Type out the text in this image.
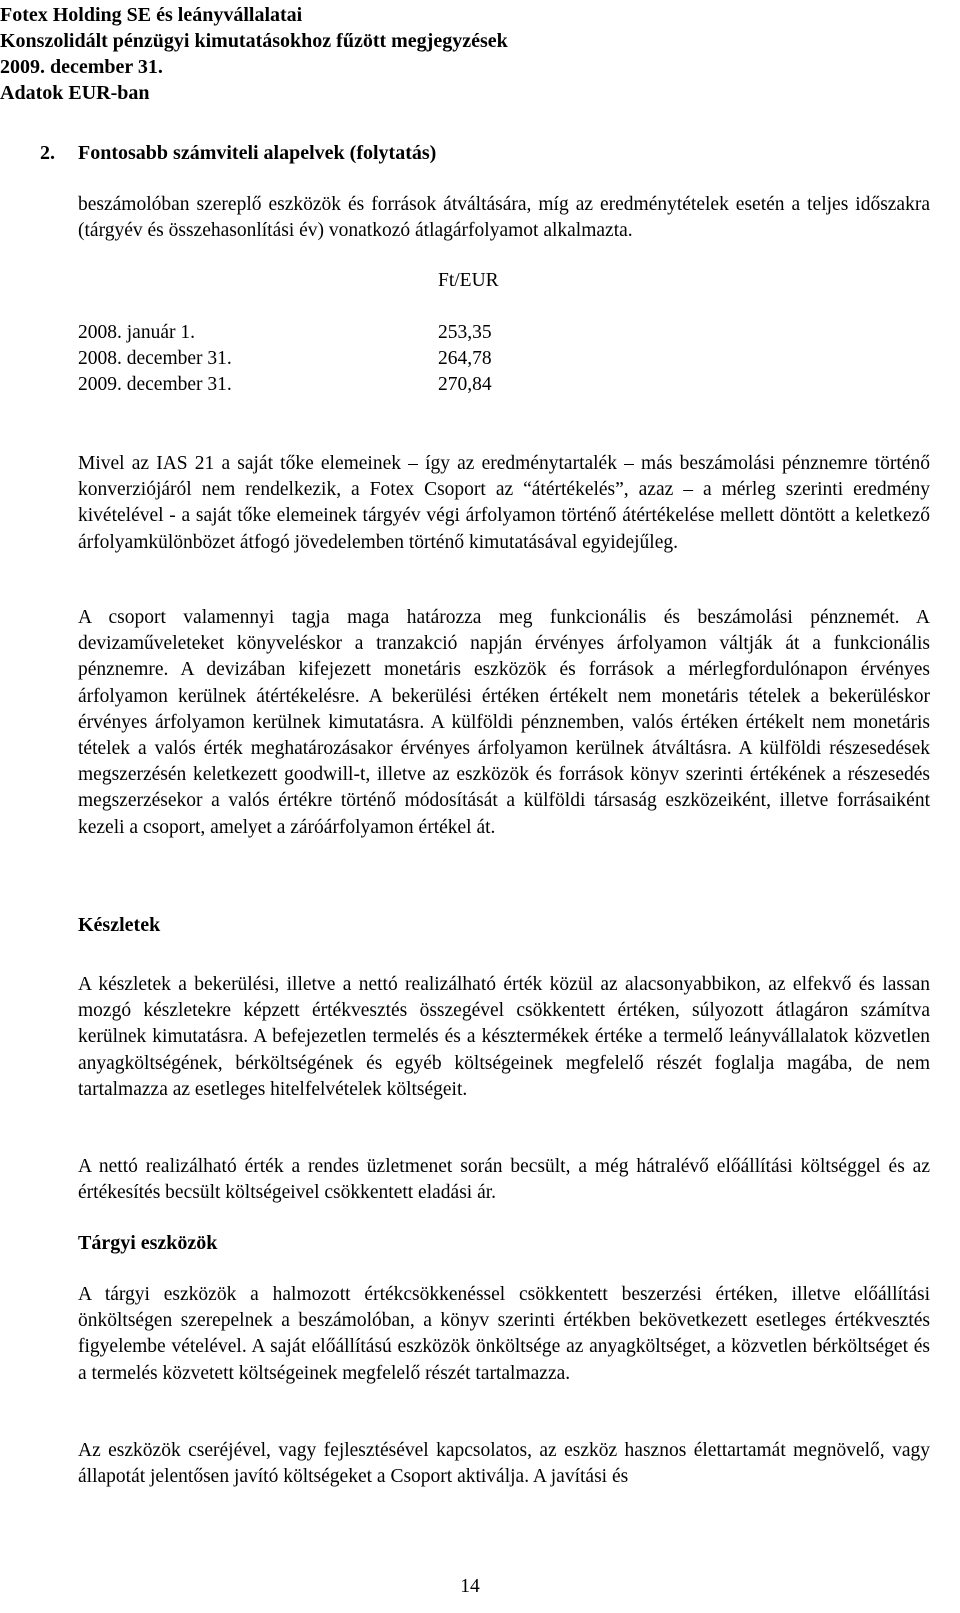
Fotex Holding SE és leányvállalatai
Konszolidált pénzügyi kimutatásokhoz fűzött megjegyzések
2009. december 31.
Adatok EUR-ban
2. Fontosabb számviteli alapelvek (folytatás)

beszámolóban szereplő eszközök és források átváltására, míg az eredménytételek esetén a teljes időszakra (tárgyév és összehasonlítási év) vonatkozó átlagárfolyamot alkalmazta.

Ft/EUR
2008. január 1.	253,35
2008. december 31.	264,78
2009. december 31.	270,84

Mivel az IAS 21 a saját tőke elemeinek – így az eredménytartalék – más beszámolási pénznemre történő konverziójáról nem rendelkezik, a Fotex Csoport az “átértékelés”, azaz – a mérleg szerinti eredmény kivételével - a saját tőke elemeinek tárgyév végi árfolyamon történő átértékelése mellett döntött a keletkező árfolyamkülönbözet átfogó jövedelemben történő kimutatásával egyidejűleg.

A csoport valamennyi tagja maga határozza meg funkcionális és beszámolási pénznemét. A devizaműveleteket könyveléskor a tranzakció napján érvényes árfolyamon váltják át a funkcionális pénznemre. A devizában kifejezett monetáris eszközök és források a mérlegfordulónapon érvényes árfolyamon kerülnek átértékelésre. A bekerülési értéken értékelt nem monetáris tételek a bekerüléskor érvényes árfolyamon kerülnek kimutatásra. A külföldi pénznemben, valós értéken értékelt nem monetáris tételek a valós érték meghatározásakor érvényes árfolyamon kerülnek átváltásra. A külföldi részesedések megszerzésén keletkezett goodwill-t, illetve az eszközök és források könyv szerinti értékének a részesedés megszerzésekor a valós értékre történő módosítását a külföldi társaság eszközeiként, illetve forrásaiként kezeli a csoport, amelyet a záróárfolyamon értékel át.

Készletek

A készletek a bekerülési, illetve a nettó realizálható érték közül az alacsonyabbikon, az elfekvő és lassan mozgó készletekre képzett értékvesztés összegével csökkentett értéken, súlyozott átlagáron számítva kerülnek kimutatásra. A befejezetlen termelés és a késztermékek értéke a termelő leányvállalatok közvetlen anyagköltségének, bérköltségének és egyéb költségeinek megfelelő részét foglalja magába, de nem tartalmazza az esetleges hitelfelvételek költségeit.

A nettó realizálható érték a rendes üzletmenet során becsült, a még hátralévő előállítási költséggel és az értékesítés becsült költségeivel csökkentett eladási ár.

Tárgyi eszközök

A tárgyi eszközök a halmozott értékcsökkenéssel csökkentett beszerzési értéken, illetve előállítási önköltségen szerepelnek a beszámolóban, a könyv szerinti értékben bekövetkezett esetleges értékvesztés figyelembe vételével. A saját előállítású eszközök önköltsége az anyagköltséget, a közvetlen bérköltséget és a termelés közvetett költségeinek megfelelő részét tartalmazza.

Az eszközök cseréjével, vagy fejlesztésével kapcsolatos, az eszköz hasznos élettartamát megnövelő, vagy állapotát jelentősen javító költségeket a Csoport aktiválja. A javítási és

14
